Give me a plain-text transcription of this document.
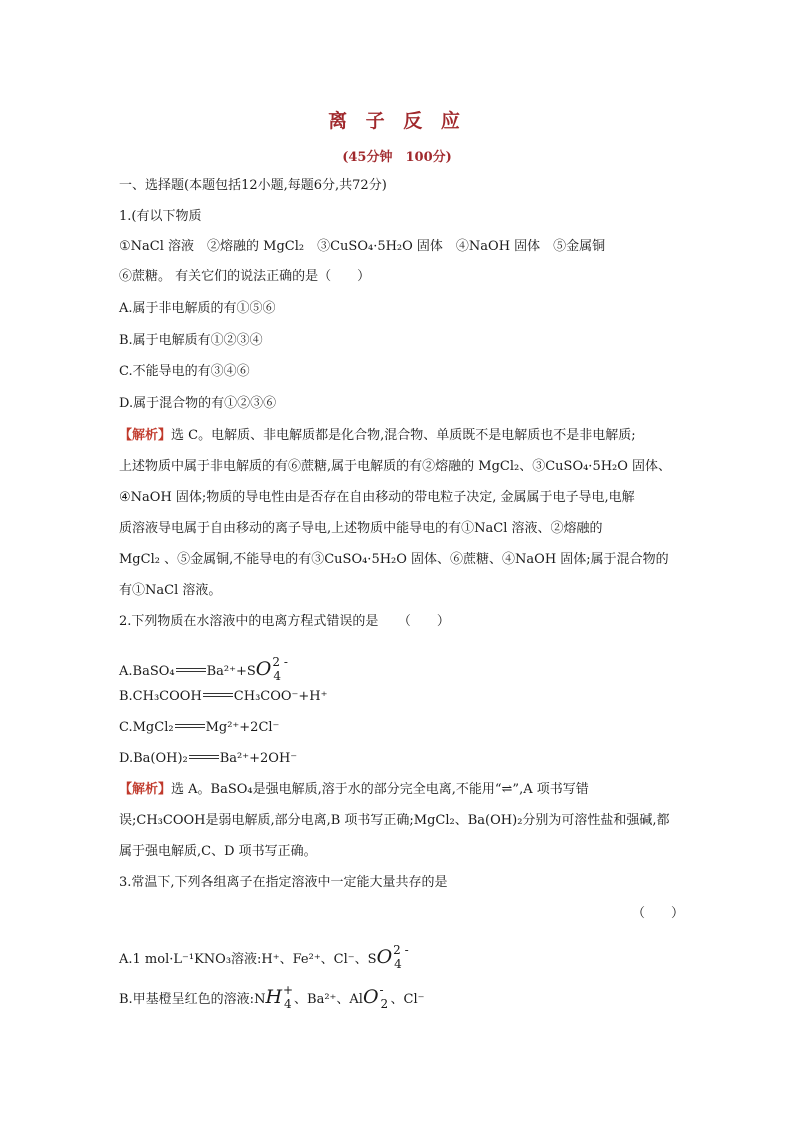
离 子 反 应
(45分钟　100分)
一、选择题(本题包括12小题,每题6分,共72分)
1.(有以下物质
①NaCl 溶液　②熔融的 MgCl₂　③CuSO₄·5H₂O 固体　④NaOH 固体　⑤金属铜
⑥蔗糖。 有关它们的说法正确的是（　　）
A.属于非电解质的有①⑤⑥
B.属于电解质有①②③④
C.不能导电的有③④⑥
D.属于混合物的有①②③⑥
【解析】选 C。电解质、非电解质都是化合物,混合物、单质既不是电解质也不是非电解质;
上述物质中属于非电解质的有⑥蔗糖,属于电解质的有②熔融的 MgCl₂、③CuSO₄·5H₂O 固体、
④NaOH 固体;物质的导电性由是否存在自由移动的带电粒子决定, 金属属于电子导电,电解
质溶液导电属于自由移动的离子导电,上述物质中能导电的有①NaCl 溶液、②熔融的
MgCl₂ 、⑤金属铜,不能导电的有③CuSO₄·5H₂O 固体、⑥蔗糖、④NaOH 固体;属于混合物的
有①NaCl 溶液。
2.下列物质在水溶液中的电离方程式错误的是　　（　　）
A.BaSO₄ Ba²⁺+SO 2 -
4
B.CH₃COOH CH₃COO⁻+H⁺
C.MgCl₂ Mg²⁺+2Cl⁻
D.Ba(OH)₂ Ba²⁺+2OH⁻
【解析】选 A。BaSO₄是强电解质,溶于水的部分完全电离,不能用“⇌”,A 项书写错
误;CH₃COOH是弱电解质,部分电离,B 项书写正确;MgCl₂、Ba(OH)₂分别为可溶性盐和强碱,都
属于强电解质,C、D 项书写正确。
3.常温下,下列各组离子在指定溶液中一定能大量共存的是
（　　）
A.1 mol·L⁻¹KNO₃溶液:H⁺、Fe²⁺、Cl⁻、SO 2 -
4
B.甲基橙呈红色的溶液:NH +
4 、Ba²⁺、AlO -
2 、Cl⁻
